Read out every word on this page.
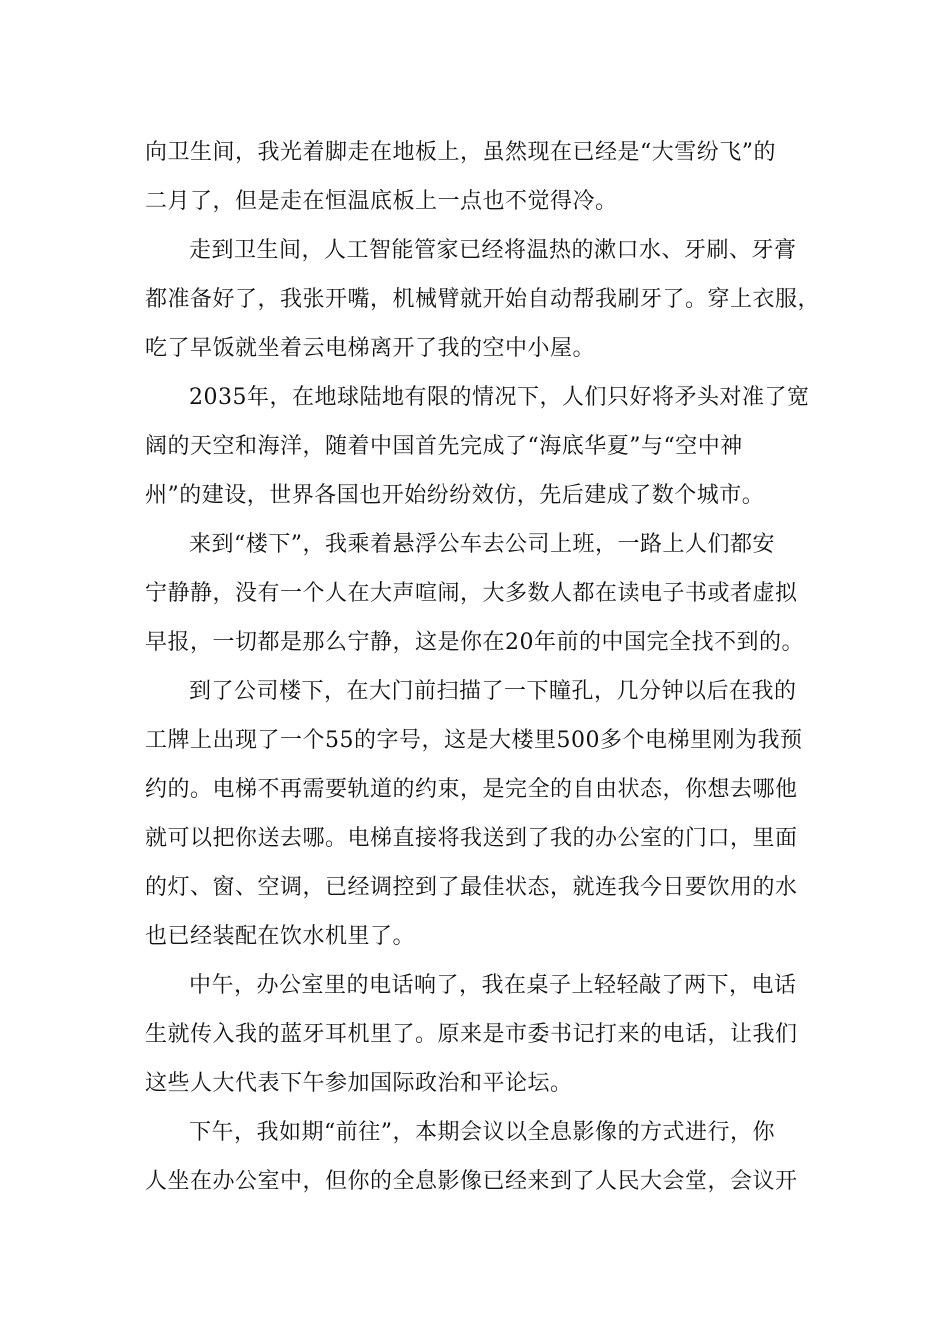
向卫生间，我光着脚走在地板上，虽然现在已经是“大雪纷飞”的
二月了，但是走在恒温底板上一点也不觉得冷。
走到卫生间，人工智能管家已经将温热的漱口水、牙刷、牙膏
都准备好了，我张开嘴，机械臂就开始自动帮我刷牙了。穿上衣服，
吃了早饭就坐着云电梯离开了我的空中小屋。
2035年，在地球陆地有限的情况下，人们只好将矛头对准了宽
阔的天空和海洋，随着中国首先完成了“海底华夏”与“空中神
州”的建设，世界各国也开始纷纷效仿，先后建成了数个城市。
来到“楼下”，我乘着悬浮公车去公司上班，一路上人们都安
宁静静，没有一个人在大声喧闹，大多数人都在读电子书或者虚拟
早报，一切都是那么宁静，这是你在20年前的中国完全找不到的。
到了公司楼下，在大门前扫描了一下瞳孔，几分钟以后在我的
工牌上出现了一个55的字号，这是大楼里500多个电梯里刚为我预
约的。电梯不再需要轨道的约束，是完全的自由状态，你想去哪他
就可以把你送去哪。电梯直接将我送到了我的办公室的门口，里面
的灯、窗、空调，已经调控到了最佳状态，就连我今日要饮用的水
也已经装配在饮水机里了。
中午，办公室里的电话响了，我在桌子上轻轻敲了两下，电话
生就传入我的蓝牙耳机里了。原来是市委书记打来的电话，让我们
这些人大代表下午参加国际政治和平论坛。
下午，我如期“前往”，本期会议以全息影像的方式进行，你
人坐在办公室中，但你的全息影像已经来到了人民大会堂，会议开
